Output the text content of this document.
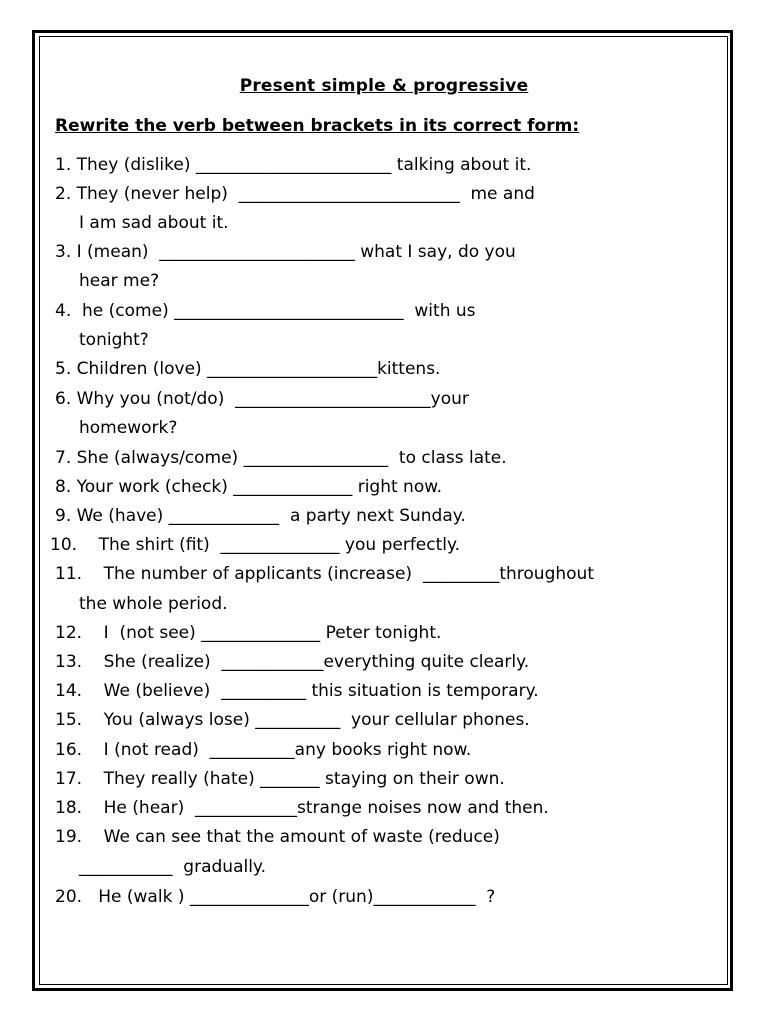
Present simple & progressive
Rewrite the verb between brackets in its correct form:
1. They (dislike) _______________________ talking about it.
2. They (never help)  __________________________  me and
I am sad about it.
3. I (mean)  _______________________ what I say, do you
hear me?
4.  he (come) ___________________________  with us
tonight?
5. Children (love) ____________________kittens.
6. Why you (not/do)  _______________________your
homework?
7. She (always/come) _________________  to class late.
8. Your work (check) ______________ right now.
9. We (have) _____________  a party next Sunday.
10.    The shirt (fit)  ______________ you perfectly.
11.    The number of applicants (increase)  _________throughout
the whole period.
12.    I  (not see) ______________ Peter tonight.
13.    She (realize)  ____________everything quite clearly.
14.    We (believe)  __________ this situation is temporary.
15.    You (always lose) __________  your cellular phones.
16.    I (not read)  __________any books right now.
17.    They really (hate) _______ staying on their own.
18.    He (hear)  ____________strange noises now and then.
19.    We can see that the amount of waste (reduce)
___________  gradually.
20.   He (walk ) ______________or (run)____________  ?
